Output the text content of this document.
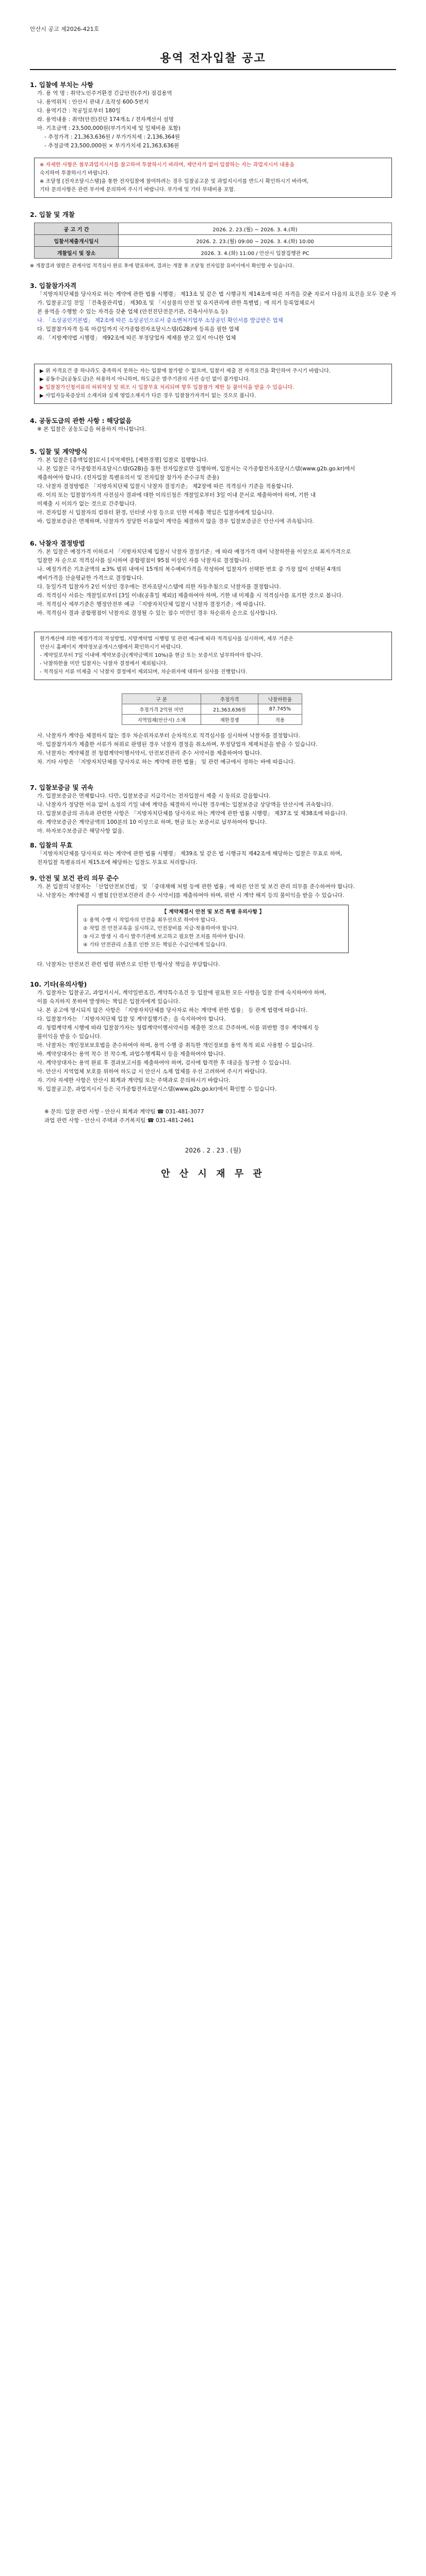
안산시 공고 제2026-421호
용역 전자입찰 공고
1. 입찰에 부치는 사항

가. 용 역 명 : 취약노인주거환경 긴급안전(주거) 점검용역

나. 용역위치 : 안산시 관내 / 조작성 600-5번지

다. 용역기간 : 착공일로부터 180일

라. 용역내용 : 취약(안전)진단 174개소 / 전자계산서 설명

마. 기초금액 : 23,500,000원(부가가치세 및 일체비용 포함)

- 추정가격 : 21,363,636원 / 부가가치세 : 2,136,364원

- 추정금액 23,500,000원 × 부가가치세 21,363,636원

※ 자세한 사항은 첨부과업지시서를 참고하여 투찰하시기 바라며, 제안자가 없어 입찰하는 자는 과업지시서 내용을

숙지하여 투찰하시기 바랍니다.

※ 조달청 [전자조달시스템]을 통한 전자입찰에 참여하려는 경우 입찰공고문 및 과업지시서를 반드시 확인하시기 바라며,

기타 문의사항은 관련 부서에 문의하여 주시기 바랍니다. 부가세 및 기타 부대비용 포함.

2. 입찰 및 개찰
공 고 기 간	2026. 2. 23.(월) ~ 2026. 3. 4.(화)
입찰서제출개시일시	2026. 2. 23.(월) 09:00 ~ 2026. 3. 4.(화) 10:00
개찰일시 및 장소	2026. 3. 4.(화) 11:00 / 안산시 입찰집행관 PC

※ 개찰결과 열람은 관계사업 적격심사 완료 후에 발표하며, 결과는 개찰 후 조달청 전자입찰 유비이에서 확인할 수 있습니다.

3. 입찰참가자격

「지방자치단체를 당사자로 하는 계약에 관한 법률 시행령」 제13조 및 같은 법 시행규칙 제14조에 따른 자격을 갖춘 자로서 다음의 요건을 모두 갖춘 자

가. 입찰공고일 전일 「건축물관리법」 제30조 및 「시설물의 안전 및 유지관리에 관한 특별법」에 의거 등록업체로서

본 용역을 수행할 수 있는 자격을 갖춘 업체 (안전진단전문기관, 건축사사무소 등)

나. 「소상공인기본법」 제2조에 따른 소상공인으로서 중소벤처기업부 소상공인 확인서를 발급받은 업체

다. 입찰참가자격 등록 마감일까지 국가종합전자조달시스템(G2B)에 등록을 필한 업체

라. 「지방계약법 시행령」 제92조에 따른 부정당업자 제재를 받고 있지 아니한 업체

▶ 위 자격요건 중 하나라도 충족하지 못하는 자는 입찰에 참가할 수 없으며, 입찰서 제출 전 자격요건을 확인하여 주시기 바랍니다.

▶ 공동수급(공동도급)은 허용하지 아니하며, 하도급은 발주기관의 사전 승인 없이 불가합니다.

▶ 입찰참가신청서류의 허위작성 및 위조 시 입찰무효 처리되며 향후 입찰참가 제한 등 불이익을 받을 수 있습니다.

▶ 사업자등록증상의 소재지와 실제 영업소재지가 다른 경우 입찰참가자격이 없는 것으로 봅니다.

4. 공동도급의 관한 사항 : 해당없음

※ 본 입찰은 공동도급을 허용하지 아니합니다.

5. 입찰 및 계약방식

가. 본 입찰은 [총액입찰]로서 [지역제한], [제한경쟁] 입찰로 집행합니다.

나. 본 입찰은 국가종합전자조달시스템(G2B)을 통한 전자입찰로만 집행하며, 입찰서는 국가종합전자조달시스템(www.g2b.go.kr)에서

제출하여야 합니다. (전자입찰 특별유의서 및 전자입찰 참가자 준수규칙 준용)

다. 낙찰자 결정방법은 「지방자치단체 입찰시 낙찰자 결정기준」 제2장에 따른 적격심사 기준을 적용합니다.

라. 이의 또는 입찰참가자격 사전심사 결과에 대한 이의신청은 개찰일로부터 3일 이내 문서로 제출하여야 하며, 기한 내

미제출 시 이의가 없는 것으로 간주합니다.

마. 전자입찰 시 입찰자의 컴퓨터 환경, 인터넷 사정 등으로 인한 미제출 책임은 입찰자에게 있습니다.

바. 입찰보증금은 면제하며, 낙찰자가 정당한 이유없이 계약을 체결하지 않을 경우 입찰보증금은 안산시에 귀속됩니다.

6. 낙찰자 결정방법

가. 본 입찰은 예정가격 이하로서 「지방자치단체 입찰시 낙찰자 결정기준」에 따라 예정가격 대비 낙찰하한율 이상으로 최저가격으로

입찰한 자 순으로 적격심사를 실시하여 종합평점이 95점 이상인 자를 낙찰자로 결정합니다.

나. 예정가격은 기초금액의 ±3% 범위 내에서 15개의 복수예비가격을 작성하여 입찰자가 선택한 번호 중 가장 많이 선택된 4개의

예비가격을 산술평균한 가격으로 결정합니다.

다. 동일가격 입찰자가 2인 이상인 경우에는 전자조달시스템에 의한 자동추첨으로 낙찰자를 결정합니다.

라. 적격심사 서류는 개찰일로부터 [3일 이내(공휴일 제외)] 제출하여야 하며, 기한 내 미제출 시 적격심사를 포기한 것으로 봅니다.

마. 적격심사 세부기준은 행정안전부 예규 「지방자치단체 입찰시 낙찰자 결정기준」에 따릅니다.

바. 적격심사 결과 종합평점이 낙찰자로 결정될 수 있는 점수 미만인 경우 차순위자 순으로 심사합니다.

원가계산에 의한 예정가격의 작성방법, 지방계약법 시행령 및 관련 예규에 따라 적격심사를 실시하며, 세부 기준은

안산시 홈페이지 계약정보공개시스템에서 확인하시기 바랍니다.

- 계약일로부터 7일 이내에 계약보증금(계약금액의 10%)을 현금 또는 보증서로 납부하여야 합니다.

- 낙찰하한율 미만 입찰자는 낙찰자 결정에서 제외됩니다.

- 적격심사 서류 미제출 시 낙찰자 결정에서 제외되며, 차순위자에 대하여 심사를 진행합니다.

구 분	추정가격	낙찰하한율
추정가격 2억원 미만	21,363,636원	87.745%
지역업체(안산시) 소재	제한경쟁	적용

사. 낙찰자가 계약을 체결하지 않는 경우 차순위자로부터 순차적으로 적격심사를 실시하여 낙찰자를 결정합니다.

아. 입찰참가자가 제출한 서류가 허위로 판명된 경우 낙찰자 결정을 취소하며, 부정당업자 제재처분을 받을 수 있습니다.

자. 낙찰자는 계약체결 전 청렴계약이행서약서, 안전보건관리 준수 서약서를 제출하여야 합니다.

차. 기타 사항은 「지방자치단체를 당사자로 하는 계약에 관한 법률」 및 관련 예규에서 정하는 바에 따릅니다.

7. 입찰보증금 및 귀속

가. 입찰보증금은 면제합니다. 다만, 입찰보증금 지급각서는 전자입찰서 제출 시 동의로 갈음합니다.

나. 낙찰자가 정당한 이유 없이 소정의 기일 내에 계약을 체결하지 아니한 경우에는 입찰보증금 상당액을 안산시에 귀속합니다.

다. 입찰보증금의 귀속과 관련한 사항은 「지방자치단체를 당사자로 하는 계약에 관한 법률 시행령」 제37조 및 제38조에 따릅니다.

라. 계약보증금은 계약금액의 100분의 10 이상으로 하며, 현금 또는 보증서로 납부하여야 합니다.

마. 하자보수보증금은 해당사항 없음.

8. 입찰의 무효

「지방자치단체를 당사자로 하는 계약에 관한 법률 시행령」 제39조 및 같은 법 시행규칙 제42조에 해당하는 입찰은 무효로 하며,

전자입찰 특별유의서 제15조에 해당하는 입찰도 무효로 처리합니다.

9. 안전 및 보건 관리 의무 준수

가. 본 입찰의 낙찰자는 「산업안전보건법」 및 「중대재해 처벌 등에 관한 법률」에 따른 안전 및 보건 관리 의무를 준수하여야 합니다.

나. 낙찰자는 계약체결 시 별첨 [안전보건관리 준수 서약서]를 제출하여야 하며, 위반 시 계약 해지 등의 불이익을 받을 수 있습니다.

【 계약체결시 안전 및 보건 특별 유의사항 】

① 용역 수행 시 작업자의 안전을 최우선으로 하여야 합니다.

② 작업 전 안전교육을 실시하고, 안전장비를 지급·착용하여야 합니다.

③ 사고 발생 시 즉시 발주기관에 보고하고 필요한 조치를 하여야 합니다.

④ 기타 안전관리 소홀로 인한 모든 책임은 수급인에게 있습니다.

다. 낙찰자는 안전보건 관련 법령 위반으로 인한 민·형사상 책임을 부담합니다.

10. 기타(유의사항)

가. 입찰자는 입찰공고, 과업지시서, 계약일반조건, 계약특수조건 등 입찰에 필요한 모든 사항을 입찰 전에 숙지하여야 하며,

이를 숙지하지 못하여 발생하는 책임은 입찰자에게 있습니다.

나. 본 공고에 명시되지 않은 사항은 「지방자치단체를 당사자로 하는 계약에 관한 법률」 등 관계 법령에 따릅니다.

다. 입찰참가자는 「지방자치단체 입찰 및 계약집행기준」을 숙지하여야 합니다.

라. 청렴계약제 시행에 따라 입찰참가자는 청렴계약이행서약서를 제출한 것으로 간주하며, 이를 위반할 경우 계약해지 등

불이익을 받을 수 있습니다.

마. 낙찰자는 개인정보보호법을 준수하여야 하며, 용역 수행 중 취득한 개인정보를 용역 목적 외로 사용할 수 없습니다.

바. 계약상대자는 용역 착수 전 착수계, 과업수행계획서 등을 제출하여야 합니다.

사. 계약상대자는 용역 완료 후 결과보고서를 제출하여야 하며, 검사에 합격한 후 대금을 청구할 수 있습니다.

아. 안산시 지역업체 보호를 위하여 하도급 시 안산시 소재 업체를 우선 고려하여 주시기 바랍니다.

자. 기타 자세한 사항은 안산시 회계과 계약팀 또는 주택과로 문의하시기 바랍니다.

차. 입찰공고문, 과업지시서 등은 국가종합전자조달시스템(www.g2b.go.kr)에서 확인할 수 있습니다.

※ 문의: 입찰 관련 사항 - 안산시 회계과 계약팀 ☎ 031-481-3077

과업 관련 사항 - 안산시 주택과 주거복지팀 ☎ 031-481-2461

2026 . 2 . 23 . (월)
안 산 시 재 무 관
